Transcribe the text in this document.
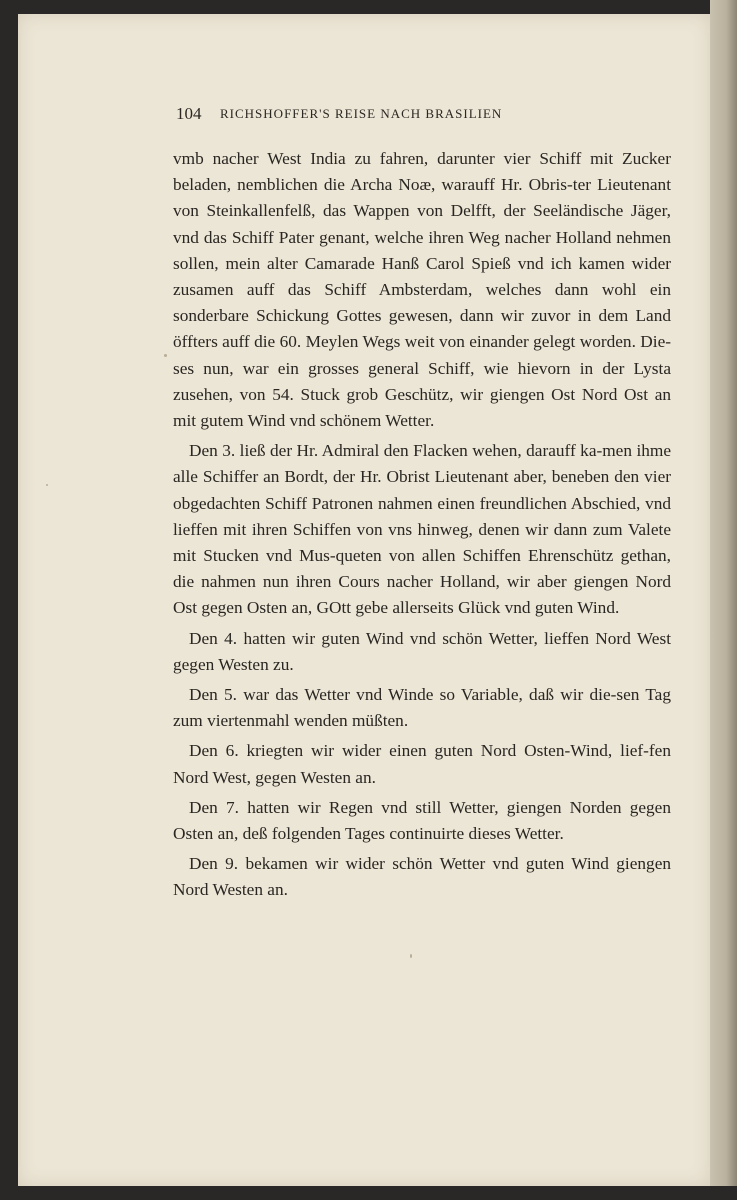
104 RICHSHOFFER'S REISE NACH BRASILIEN

vmb nacher West India zu fahren, darunter vier Schiff mit Zucker beladen, nemblichen die Archa Noæ, warauff Hr. Obris-ter Lieutenant von Steinkallenfelß, das Wappen von Delfft, der Seeländische Jäger, vnd das Schiff Pater genant, welche ihren Weg nacher Holland nehmen sollen, mein alter Camarade Hanß Carol Spieß vnd ich kamen wider zusamen auff das Schiff Ambsterdam, welches dann wohl ein sonderbare Schickung Gottes gewesen, dann wir zuvor in dem Land öffters auff die 60. Meylen Wegs weit von einander gelegt worden. Die-ses nun, war ein grosses general Schiff, wie hievorn in der Lysta zusehen, von 54. Stuck grob Geschütz, wir giengen Ost Nord Ost an mit gutem Wind vnd schönem Wetter.

Den 3. ließ der Hr. Admiral den Flacken wehen, darauff ka-men ihme alle Schiffer an Bordt, der Hr. Obrist Lieutenant aber, beneben den vier obgedachten Schiff Patronen nahmen einen freundlichen Abschied, vnd lieffen mit ihren Schiffen von vns hinweg, denen wir dann zum Valete mit Stucken vnd Mus-queten von allen Schiffen Ehrenschütz gethan, die nahmen nun ihren Cours nacher Holland, wir aber giengen Nord Ost gegen Osten an, GOtt gebe allerseits Glück vnd guten Wind.

Den 4. hatten wir guten Wind vnd schön Wetter, lieffen Nord West gegen Westen zu.

Den 5. war das Wetter vnd Winde so Variable, daß wir die-sen Tag zum viertenmahl wenden müßten.

Den 6. kriegten wir wider einen guten Nord Osten-Wind, lief-fen Nord West, gegen Westen an.

Den 7. hatten wir Regen vnd still Wetter, giengen Norden gegen Osten an, deß folgenden Tages continuirte dieses Wetter.

Den 9. bekamen wir wider schön Wetter vnd guten Wind giengen Nord Westen an.
